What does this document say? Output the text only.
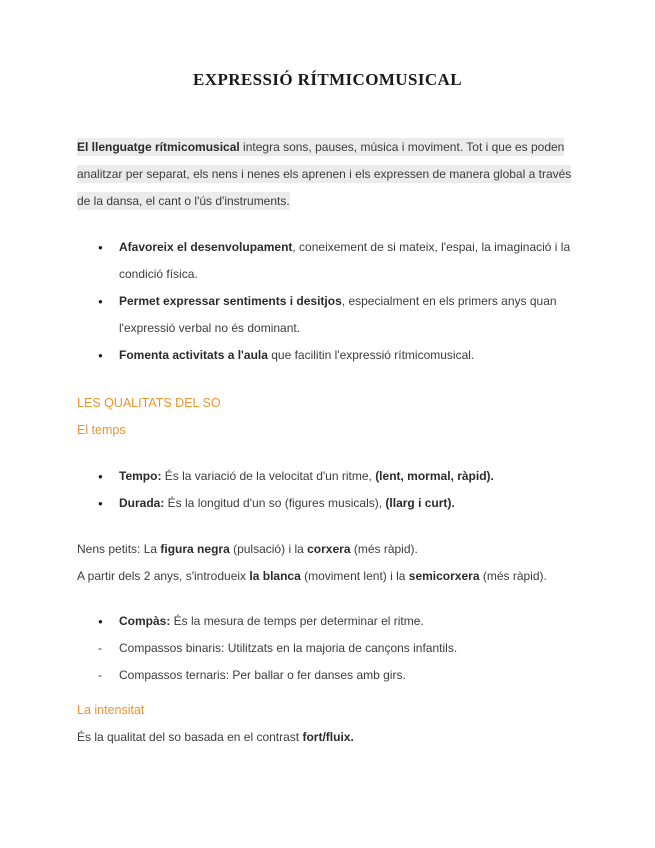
EXPRESSIÓ RÍTMICOMUSICAL

El llenguatge rítmicomusical integra sons, pauses, música i moviment. Tot i que es poden analitzar per separat, els nens i nenes els aprenen i els expressen de manera global a través de la dansa, el cant o l'ús d'instruments.

● Afavoreix el desenvolupament, coneixement de si mateix, l'espai, la imaginació i la condició física.
● Permet expressar sentiments i desitjos, especialment en els primers anys quan l'expressió verbal no és dominant.
● Fomenta activitats a l'aula que facilitin l'expressió rítmicomusical.
LES QUALITATS DEL SO
El temps
● Tempo: És la variació de la velocitat d'un ritme, (lent, mormal, ràpid).
● Durada: És la longitud d'un so (figures musicals), (llarg i curt).

Nens petits: La figura negra (pulsació) i la corxera (més ràpid).

A partir dels 2 anys, s'introdueix la blanca (moviment lent) i la semicorxera (més ràpid).

● Compàs: És la mesura de temps per determinar el ritme.
- Compassos binaris: Utilitzats en la majoria de cançons infantils.
- Compassos ternaris: Per ballar o fer danses amb girs.
La intensitat

És la qualitat del so basada en el contrast fort/fluix.
